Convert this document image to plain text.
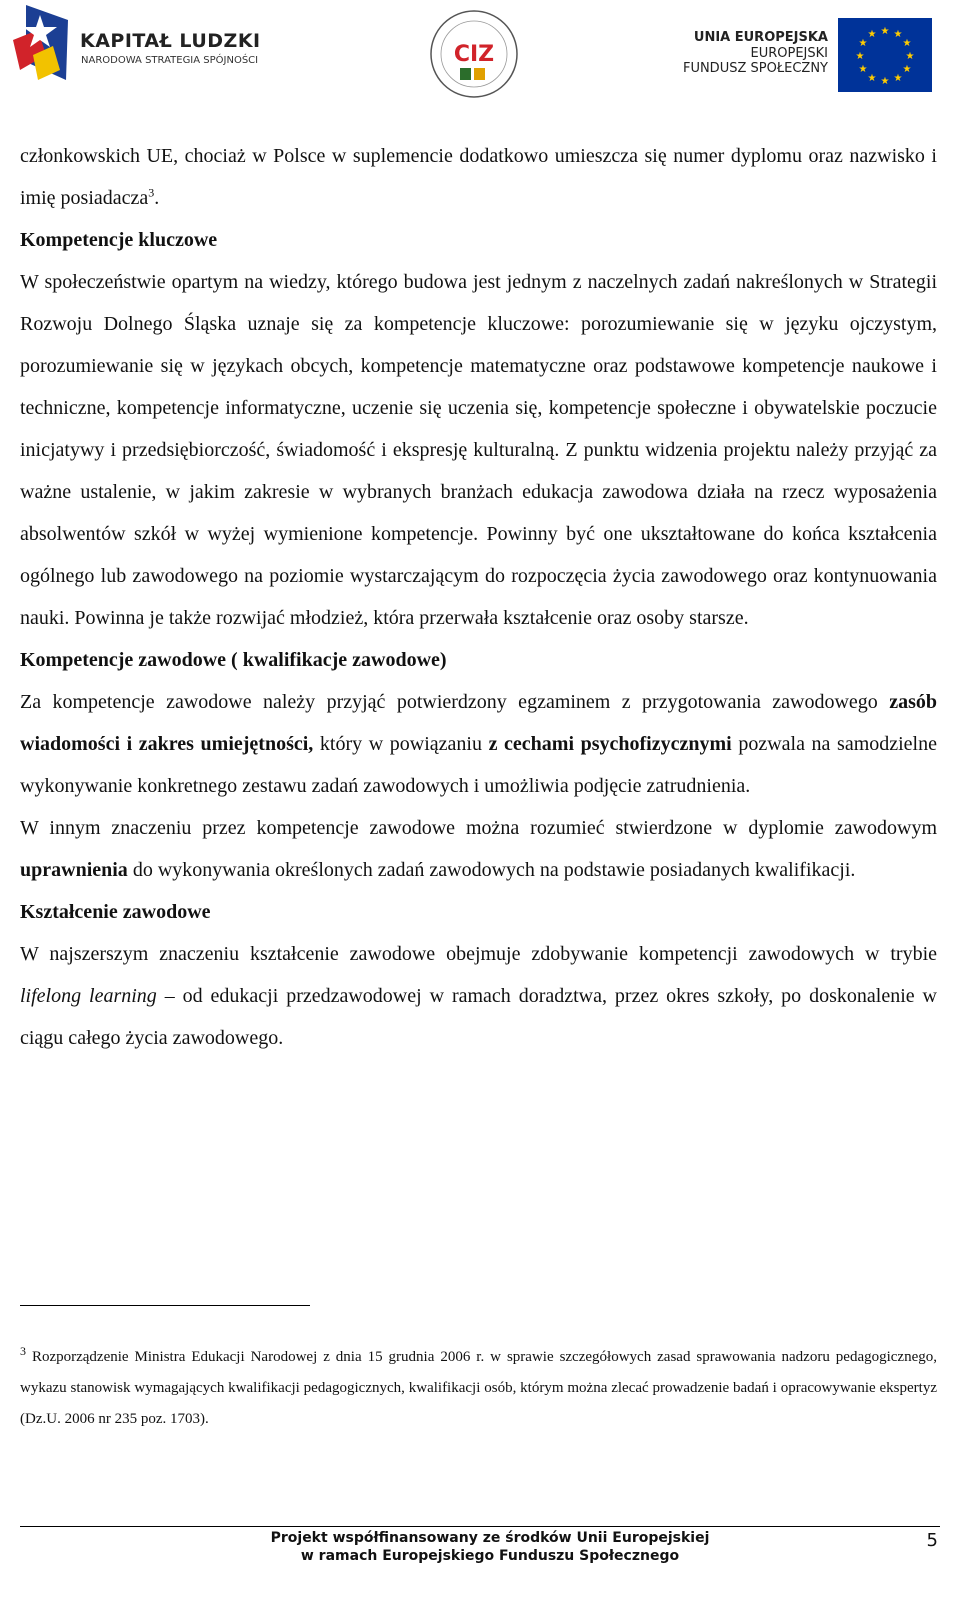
KAPITAŁ LUDZKI
NARODOWA STRATEGIA SPÓJNOŚCI	CIZ
UNIA EUROPEJSKA
EUROPEJSKI
FUNDUSZ SPOŁECZNY
★ ★
★
★
★
★
★
★
★
★
★
★

członkowskich UE, chociaż w Polsce w suplemencie dodatkowo umieszcza się numer dyplomu oraz nazwisko i imię posiadacza$^3$.

Kompetencje kluczowe

W społeczeństwie opartym na wiedzy, którego budowa jest jednym z naczelnych zadań nakreślonych w Strategii Rozwoju Dolnego Śląska uznaje się za kompetencje kluczowe: porozumiewanie się w języku ojczystym, porozumiewanie się w językach obcych, kompetencje matematyczne oraz podstawowe kompetencje naukowe i techniczne, kompetencje informatyczne, uczenie się uczenia się, kompetencje społeczne i obywatelskie poczucie inicjatywy i przedsiębiorczość, świadomość i ekspresję kulturalną. Z punktu widzenia projektu należy przyjąć za ważne ustalenie, w jakim zakresie w wybranych branżach edukacja zawodowa działa na rzecz wyposażenia absolwentów szkół w wyżej wymienione kompetencje. Powinny być one ukształtowane do końca kształcenia ogólnego lub zawodowego na poziomie wystarczającym do rozpoczęcia życia zawodowego oraz kontynuowania nauki. Powinna je także rozwijać młodzież, która przerwała kształcenie oraz osoby starsze.

Kompetencje zawodowe ( kwalifikacje zawodowe)

Za kompetencje zawodowe należy przyjąć potwierdzony egzaminem z przygotowania zawodowego zasób wiadomości i zakres umiejętności, który w powiązaniu z cechami psychofizycznymi pozwala na samodzielne wykonywanie konkretnego zestawu zadań zawodowych i umożliwia podjęcie zatrudnienia.

W innym znaczeniu przez kompetencje zawodowe można rozumieć stwierdzone w dyplomie zawodowym uprawnienia do wykonywania określonych zadań zawodowych na podstawie posiadanych kwalifikacji.

Kształcenie zawodowe

W najszerszym znaczeniu kształcenie zawodowe obejmuje zdobywanie kompetencji zawodowych w trybie lifelong learning – od edukacji przedzawodowej w ramach doradztwa, przez okres szkoły, po doskonalenie w ciągu całego życia zawodowego.

$^3$ Rozporządzenie Ministra Edukacji Narodowej z dnia 15 grudnia 2006 r. w sprawie szczegółowych zasad sprawowania nadzoru pedagogicznego, wykazu stanowisk wymagających kwalifikacji pedagogicznych, kwalifikacji osób, którym można zlecać prowadzenie badań i opracowywanie ekspertyz (Dz.U. 2006 nr 235 poz. 1703).
Projekt współfinansowany ze środków Unii Europejskiej
w ramach Europejskiego Funduszu Społecznego
5
